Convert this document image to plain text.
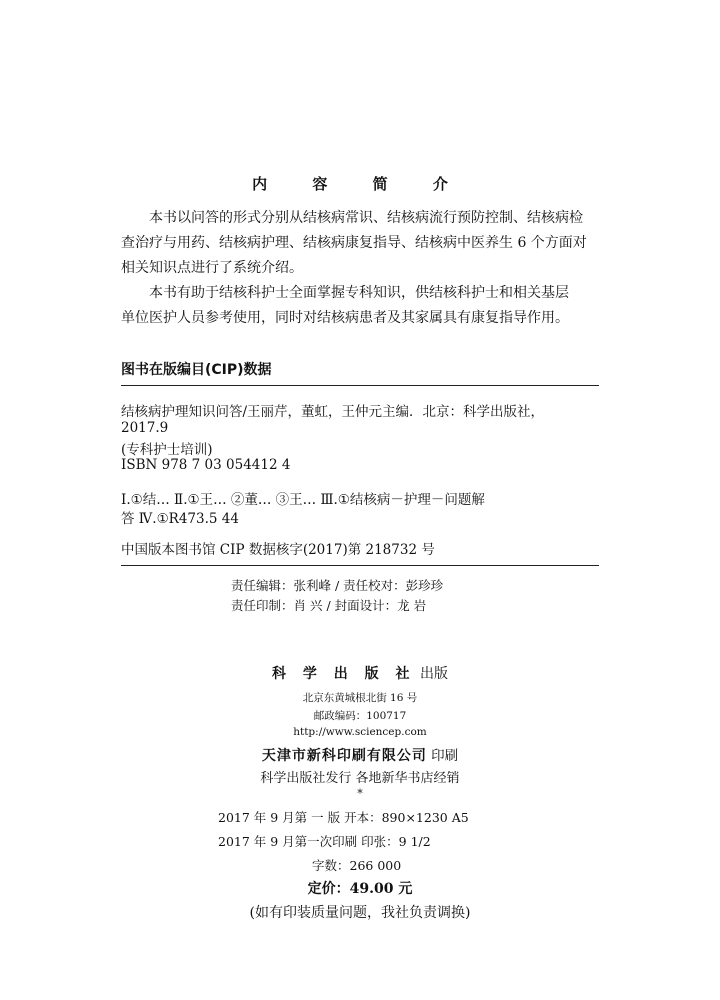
内 容 简 介
本书以问答的形式分别从结核病常识、结核病流行预防控制、结核病检
查治疗与用药、结核病护理、结核病康复指导、结核病中医养生 6 个方面对
相关知识点进行了系统介绍。
本书有助于结核科护士全面掌握专科知识，供结核科护士和相关基层
单位医护人员参考使用，同时对结核病患者及其家属具有康复指导作用。
图书在版编目(CIP)数据
结核病护理知识问答/王丽芹，董虹，王仲元主编．北京：科学出版社，
2017.9
(专科护士培训)
ISBN 978 7 03 054412 4
Ⅰ.①结… Ⅱ.①王… ②董… ③王… Ⅲ.①结核病－护理－问题解
答 Ⅳ.①R473.5 44
中国版本图书馆 CIP 数据核字(2017)第 218732 号
责任编辑：张利峰 / 责任校对：彭珍珍
责任印制：肖 兴 / 封面设计：龙 岩
科 学 出 版 社 出版
北京东黄城根北街 16 号
邮政编码：100717
http://www.sciencep.com
天津市新科印刷有限公司 印刷
科学出版社发行 各地新华书店经销
*
2017 年 9 月第 一 版 开本：890×1230 A5
2017 年 9 月第一次印刷 印张：9 1/2
字数：266 000
定价：49.00 元
(如有印装质量问题，我社负责调换)
